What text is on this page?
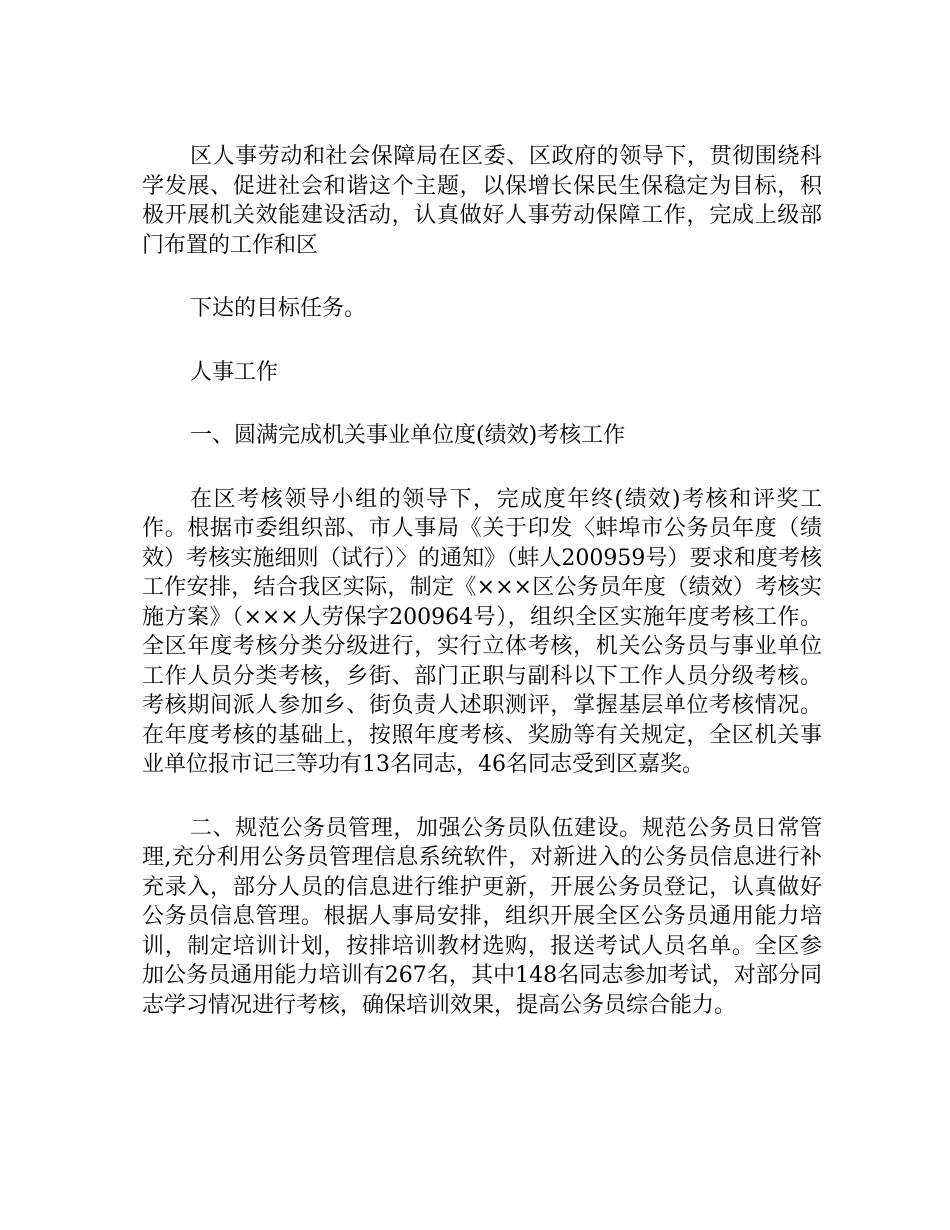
区人事劳动和社会保障局在区委、区政府的领导下，贯彻围绕科学发展、促进社会和谐这个主题，以保增长保民生保稳定为目标，积极开展机关效能建设活动，认真做好人事劳动保障工作，完成上级部门布置的工作和区

下达的目标任务。

人事工作

一、圆满完成机关事业单位度(绩效)考核工作

在区考核领导小组的领导下，完成度年终(绩效)考核和评奖工作。根据市委组织部、市人事局《关于印发〈蚌埠市公务员年度（绩效）考核实施细则（试行）〉的通知》（蚌人200959号）要求和度考核工作安排，结合我区实际，制定《×××区公务员年度（绩效）考核实施方案》（×××人劳保字200964号），组织全区实施年度考核工作。全区年度考核分类分级进行，实行立体考核，机关公务员与事业单位工作人员分类考核，乡街、部门正职与副科以下工作人员分级考核。考核期间派人参加乡、街负责人述职测评，掌握基层单位考核情况。在年度考核的基础上，按照年度考核、奖励等有关规定，全区机关事业单位报市记三等功有13名同志，46名同志受到区嘉奖。

二、规范公务员管理，加强公务员队伍建设。规范公务员日常管理,充分利用公务员管理信息系统软件，对新进入的公务员信息进行补充录入，部分人员的信息进行维护更新，开展公务员登记，认真做好公务员信息管理。根据人事局安排，组织开展全区公务员通用能力培训，制定培训计划，按排培训教材选购，报送考试人员名单。全区参加公务员通用能力培训有267名，其中148名同志参加考试，对部分同志学习情况进行考核，确保培训效果，提高公务员综合能力。
